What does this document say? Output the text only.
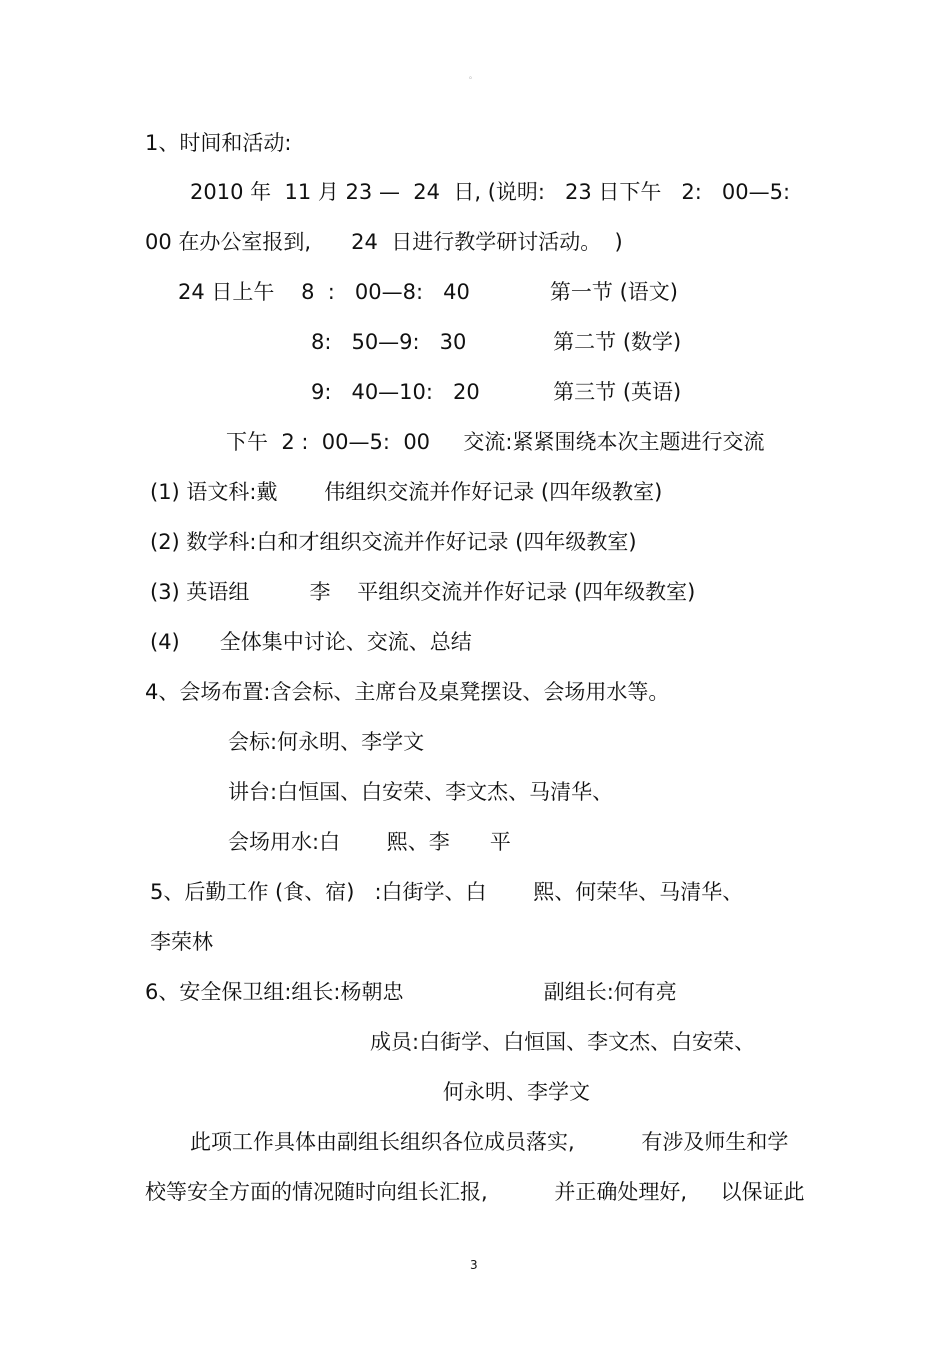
。
1、时间和活动:
2010 年  11 月 23 —  24  日, (说明:   23 日下午   2:   00—5:
00 在办公室报到,      24  日进行教学研讨活动。  )
24 日上午    8  :   00—8:   40            第一节 (语文)
8:   50—9:   30             第二节 (数学)
9:   40—10:   20           第三节 (英语)
下午  2 :  00—5:  00     交流:紧紧围绕本次主题进行交流
(1) 语文科:戴       伟组织交流并作好记录 (四年级教室)
(2) 数学科:白和才组织交流并作好记录 (四年级教室)
(3) 英语组         李    平组织交流并作好记录 (四年级教室)
(4)      全体集中讨论、交流、总结
4、会场布置:含会标、主席台及桌凳摆设、会场用水等。
会标:何永明、李学文
讲台:白恒国、白安荣、李文杰、马清华、
会场用水:白       熙、李      平
5、后勤工作 (食、宿)   :白街学、白       熙、何荣华、马清华、
李荣林
6、安全保卫组:组长:杨朝忠                     副组长:何有亮
成员:白街学、白恒国、李文杰、白安荣、
何永明、李学文
此项工作具体由副组长组织各位成员落实,          有涉及师生和学
校等安全方面的情况随时向组长汇报,          并正确处理好,     以保证此
3
